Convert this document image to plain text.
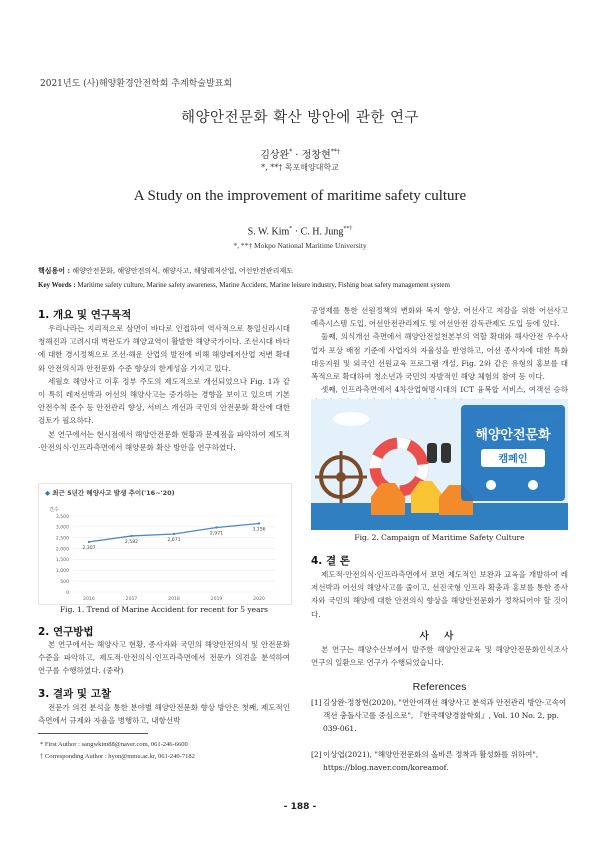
2021년도 (사)해양환경안전학회 추계학술발표회
해양안전문화 확산 방안에 관한 연구
김상완* · 정창현**†
*, **† 목포해양대학교
A Study on the improvement of maritime safety culture
S. W. Kim* · C. H. Jung**†
*, **† Mokpo National Maritime University
핵심용어 : 해양안전문화, 해양안전의식, 해양사고, 해양레저산업, 어선안전관리제도
Key Words : Maritime safety culture, Marine safety awareness, Marine Accident, Marine leisure industry, Fishing boat safety management system
1. 개요 및 연구목적

우리나라는 지리적으로 삼면이 바다로 인접하여 역사적으로 통일신라시대 청해진과 고려시대 벽란도가 해양교역이 활발한 해양국가이다. 조선시대 바다에 대한 경시정책으로 조선·해운 산업의 발전에 비해 해양레저산업 저변 확대와 안전의식과 안전문화 수준 향상의 한계성을 가지고 있다.

세월호 해양사고 이후 정부 주도의 제도적으로 개선되었으나 Fig. 1과 같이 특히 레저선박과 어선의 해양사고는 증가하는 경향을 보이고 있으며 기본안전수칙 준수 등 안전관리 향상, 서비스 개선과 국민의 안전문화 확산에 대한 검토가 필요하다.

본 연구에서는 현시점에서 해양안전문화 현황과 문제점을 파악하여 제도적·안전의식·인프라측면에서 해양문화 확산 방안을 연구하였다.

◆ 최근 5년간 해양사고 발생 추이('16~'20)
건수
0
500
1,000
1,500
2,000
2,500
3,000
3,500
2016	2017	2018	2019	2020
2,307
2,582	2,671
2,971
3,156
Fig. 1. Trend of Marine Accident for recent for 5 years
2. 연구방법

본 연구에서는 해양사고 현황, 종사자와 국민의 해양안전의식 및 안전문화 수준을 파악하고, 제도적·안전의식·인프라측면에서 전문가 의견을 분석하여 연구를 수행하였다. (중략)

3. 결과 및 고찰

전문가 의견 분석을 통한 분야별 해양안전문화 향상 방안은 첫째, 제도적인 측면에서 규제와 자율을 병행하고, 내항선박

* First Author : sangwkim88@naver.com, 061-246-6600
† Corresponding Author : hyon@mmu.ac.kr, 061-240-7182

공영제를 통한 선원정책의 변화와 복지 향상, 어선사고 저감을 위한 어선사고 예측시스템 도입, 어선안전관리제도 및 어선안전 감독관제도 도입 등에 있다.

둘째, 의식개선 측면에서 해양안전설천본부의 역할 확대와 해사안전 우수사업자 포상 배점 기준에 사업자의 자율성을 반영하고, 어선 종사자에 대한 특화 대응지원 및 외국인 선원교육 프로그램 개설, Fig. 2와 같은 유형의 홍보를 대폭적으로 확대하여 청소년과 국민의 자발적인 해양 체험의 참여 등 이다.

셋째, 인프라측면에서 4차산업혁명시대의 ICT 융복합 서비스, 여객선 승하

해양안전문화
캠페인
Fig. 2. Campaign of Maritime Safety Culture
4. 결 론

제도적·안전의식·인프라측면에서 보면 제도적인 보완과 교육을 개발하여 레저선박과 어선의 해양사고를 줄이고, 선진국형 인프라 확충과 홍보를 통한 종사자와 국민의 해양에 대한 안전의식 향상을 해양안전문화가 정착되어야 할 것이다.

사 사

본 연구는 해양수산부에서 발주한 해양안전교육 및 해양안전문화인식조사 연구의 일환으로 연구가 수행되었습니다.

References
[1] 김상완·정창현(2020), "연안여객선 해양사고 분석과 안전관리 방안-고속여객선 충돌사고를 중심으로", 『한국해양경찰학회』, Vol. 10 No. 2, pp. 039-061.
[2] 이상엽(2021), "해양안전문화의 올바른 정착과 활성화를 위하여", https://blog.naver.com/koreamof.
- 188 -
